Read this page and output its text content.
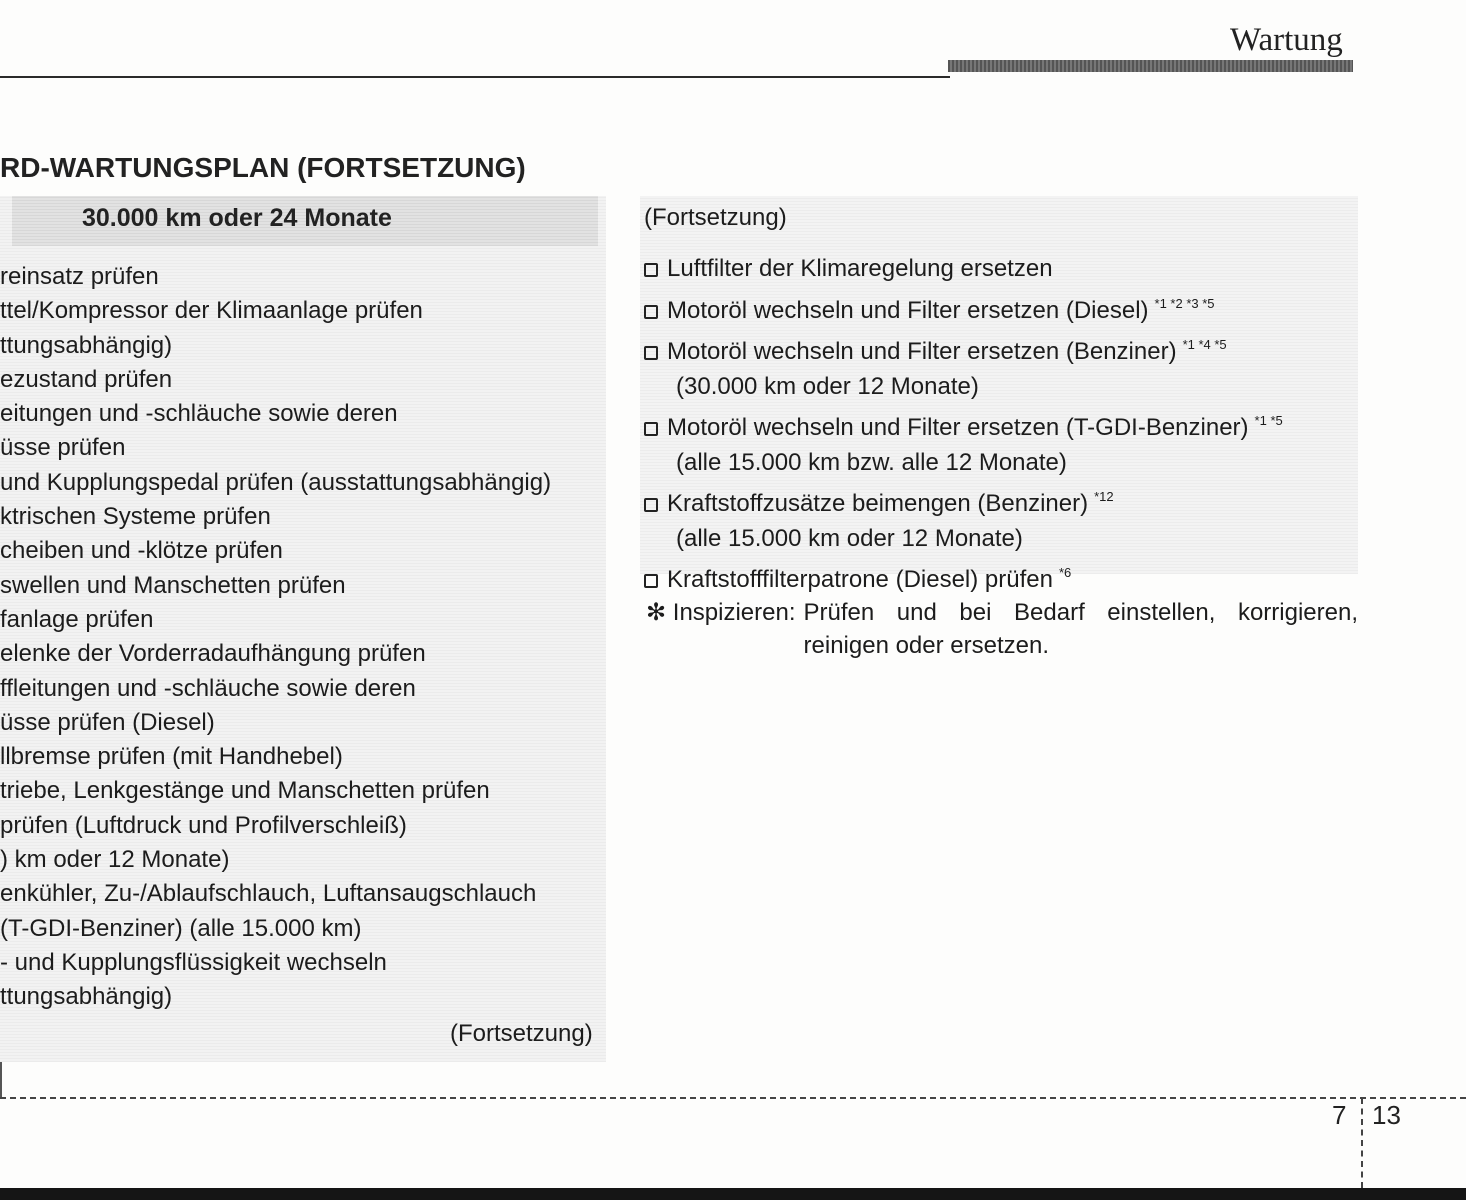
Wartung
RD-WARTUNGSPLAN (FORTSETZUNG)
30.000 km oder 24 Monate
reinsatz prüfen
ttel/Kompressor der Klimaanlage prüfen
ttungsabhängig)
ezustand prüfen
eitungen und -schläuche sowie deren
üsse prüfen
und Kupplungspedal prüfen (ausstattungsabhängig)
ktrischen Systeme prüfen
cheiben und -klötze prüfen
swellen und Manschetten prüfen
fanlage prüfen
elenke der Vorderradaufhängung prüfen
ffleitungen und -schläuche sowie deren
üsse prüfen (Diesel)
llbremse prüfen (mit Handhebel)
triebe, Lenkgestänge und Manschetten prüfen
prüfen (Luftdruck und Profilverschleiß)
) km oder 12 Monate)
enkühler, Zu-/Ablaufschlauch, Luftansaugschlauch
(T-GDI-Benziner) (alle 15.000 km)
- und Kupplungsflüssigkeit wechseln
ttungsabhängig)
(Fortsetzung)
(Fortsetzung)
Luftfilter der Klimaregelung ersetzen
Motoröl wechseln und Filter ersetzen (Diesel) $^{*1 *2 *3 *5}$
Motoröl wechseln und Filter ersetzen (Benziner) $^{*1 *4 *5}$
(30.000 km oder 12 Monate)
Motoröl wechseln und Filter ersetzen (T-GDI-Benziner) $^{*1 *5}$
(alle 15.000 km bzw. alle 12 Monate)
Kraftstoffzusätze beimengen (Benziner) $^{*12}$
(alle 15.000 km oder 12 Monate)
Kraftstofffilterpatrone (Diesel) prüfen $^{*6}$
✻ Inspizieren: Prüfen und bei Bedarf einstellen, korrigieren, reinigen oder ersetzen.
7 13
